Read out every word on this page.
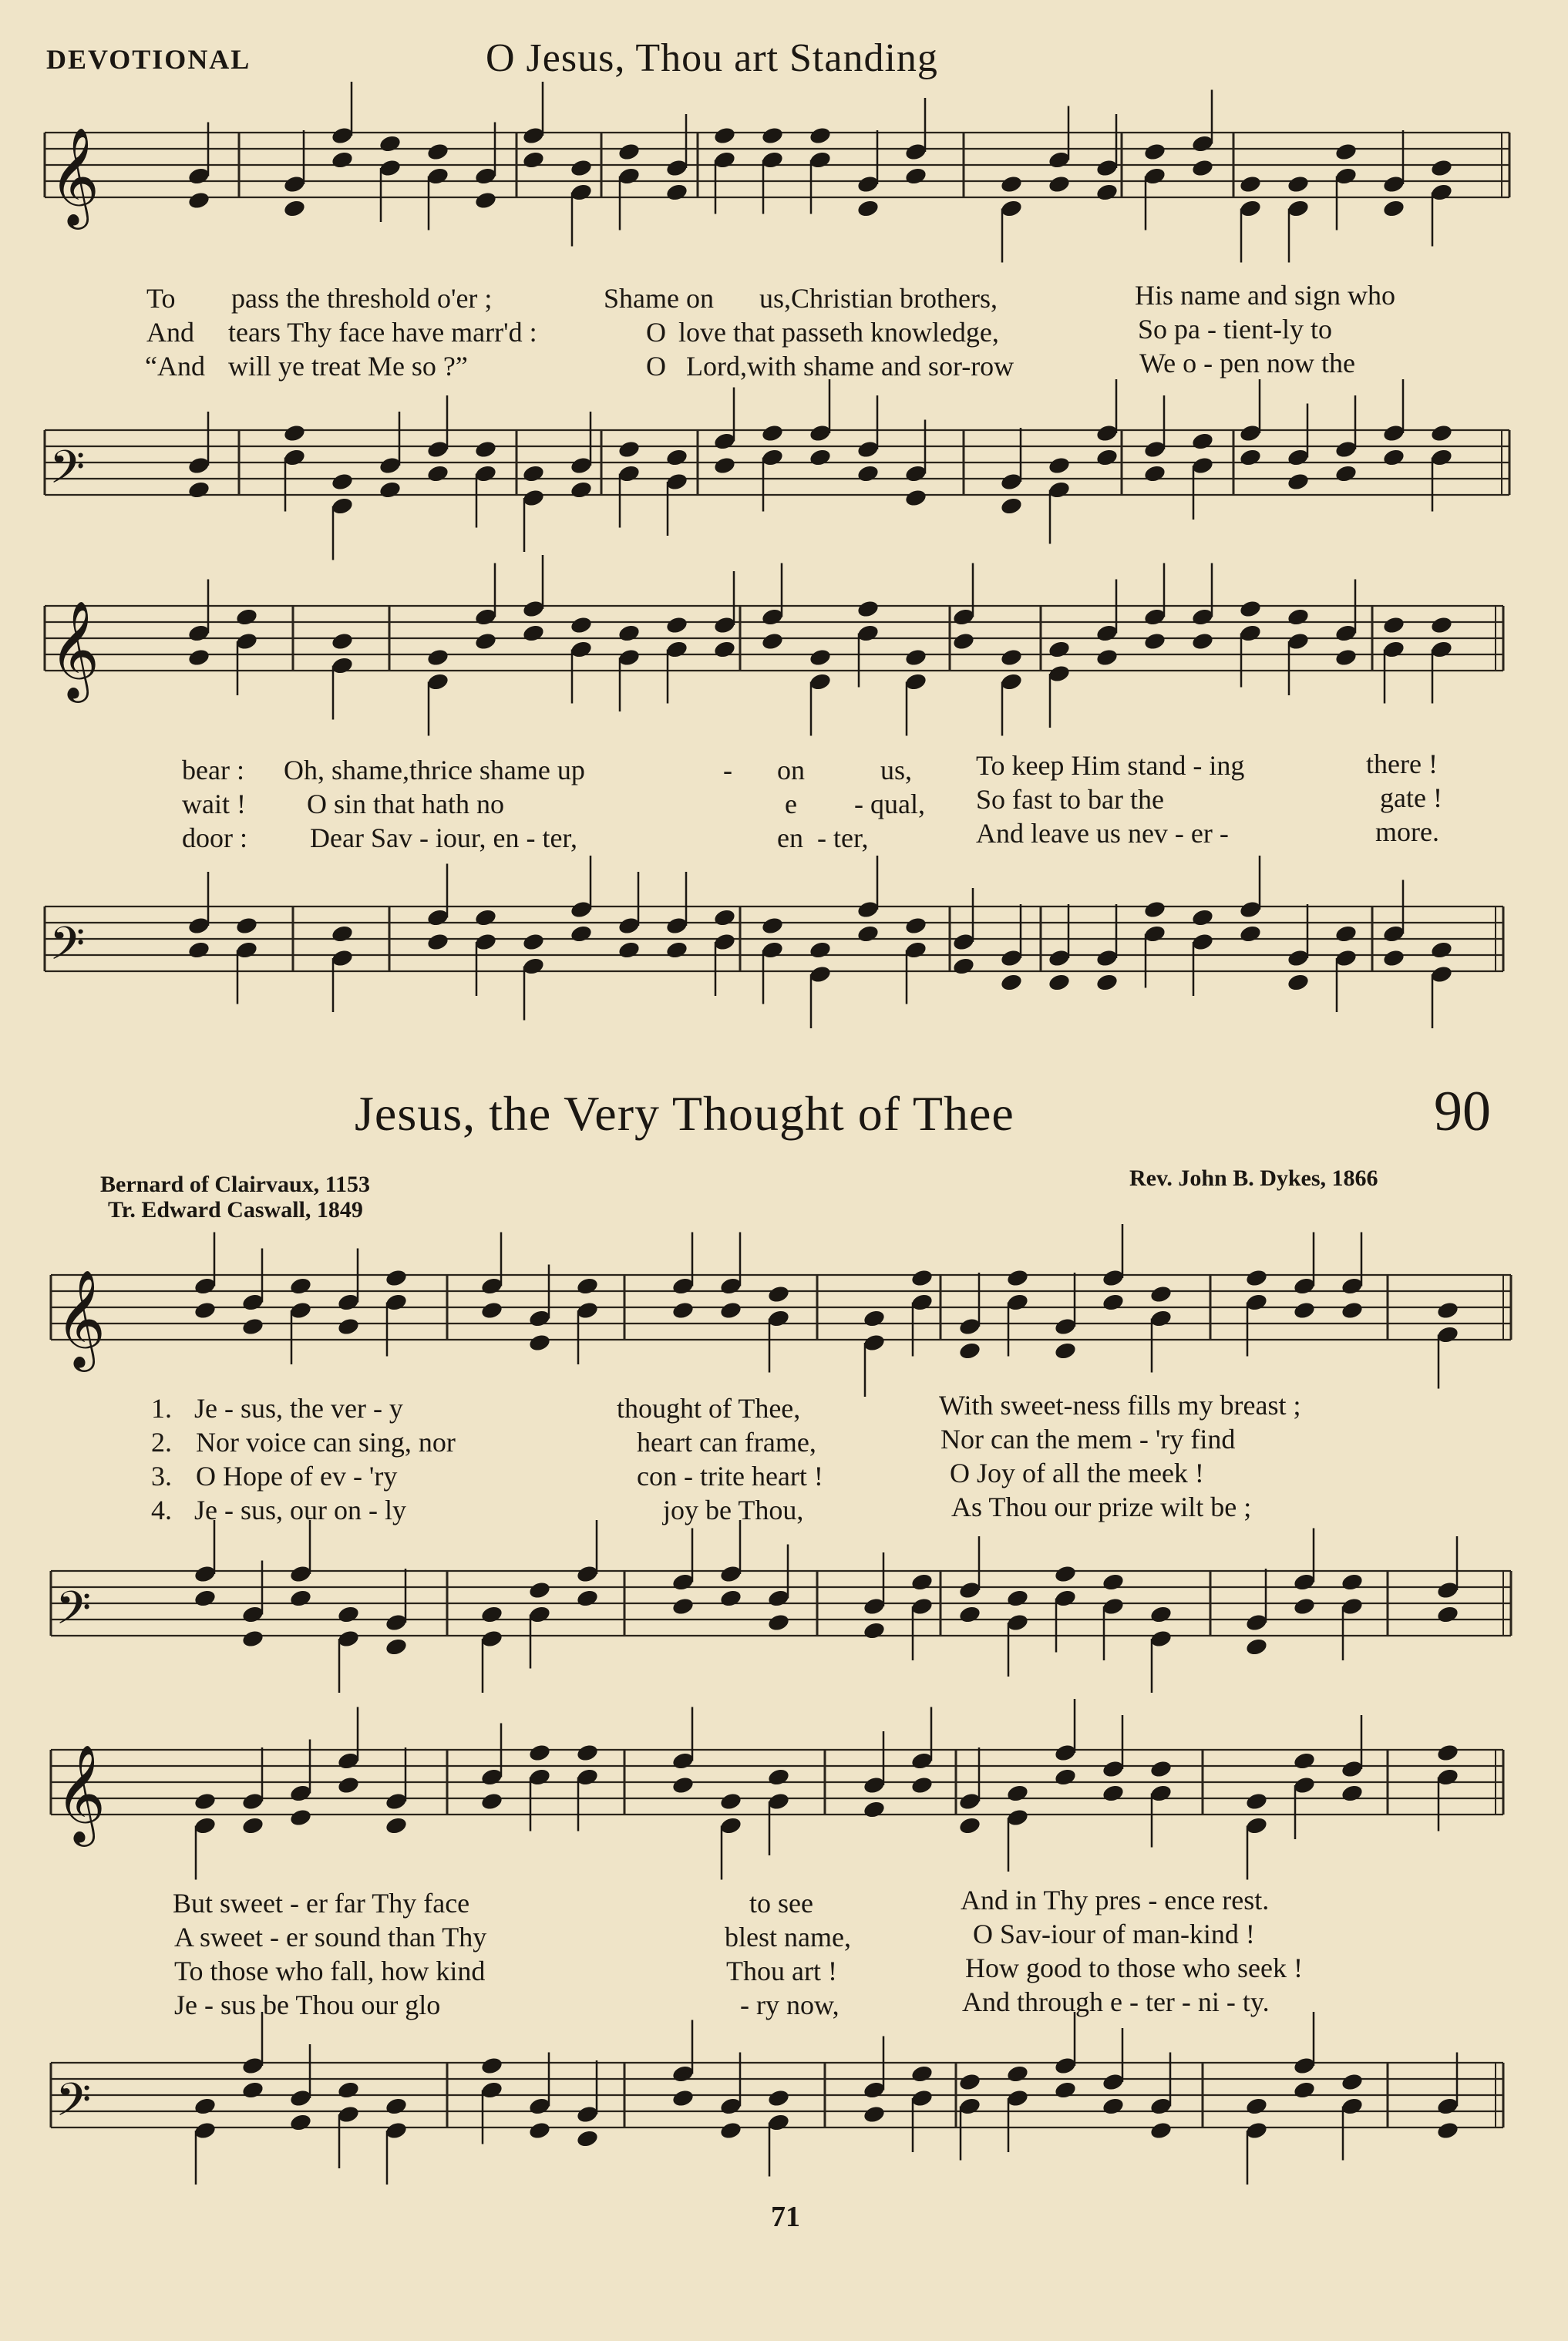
DEVOTIONAL	O Jesus, Thou art Standing
Jesus, the Very Thought of Thee	90
Bernard of Clairvaux, 1153
Tr. Edward Caswall, 1849
Rev. John B. Dykes, 1866
𝄞
𝄢
𝄞
𝄢
𝄞
𝄢
𝄞
𝄢
To pass the threshold o'er ;	Shame on us,Christian brothers,	His name and sign who
And tears Thy face have marr'd :	O love that passeth knowledge,	So pa - tient-ly to
“And will ye treat Me so ?”	O Lord,with shame and sor-row	We o - pen now the
bear : Oh, shame,thrice shame up	- on	us, To keep Him stand - ing	there !
wait ! O sin that hath no	e - qual, So fast to bar the	gate !
door : Dear Sav - iour, en - ter,	en - ter,	And leave us nev - er -	more.
1. Je - sus, the ver - y	thought of Thee,	With sweet-ness fills my breast ;
2. Nor voice can sing, nor	heart can frame,	Nor can the mem - 'ry find
3. O Hope of ev - 'ry	con - trite heart !	O Joy of all the meek !
4. Je - sus, our on - ly	joy be Thou,	As Thou our prize wilt be ;
But sweet - er far Thy face	to see	And in Thy pres - ence rest.
A sweet - er sound than Thy	blest name,	O Sav-iour of man-kind !
To those who fall, how kind	Thou art !	How good to those who seek !
Je - sus be Thou our glo	- ry now,	And through e - ter - ni - ty.
71
